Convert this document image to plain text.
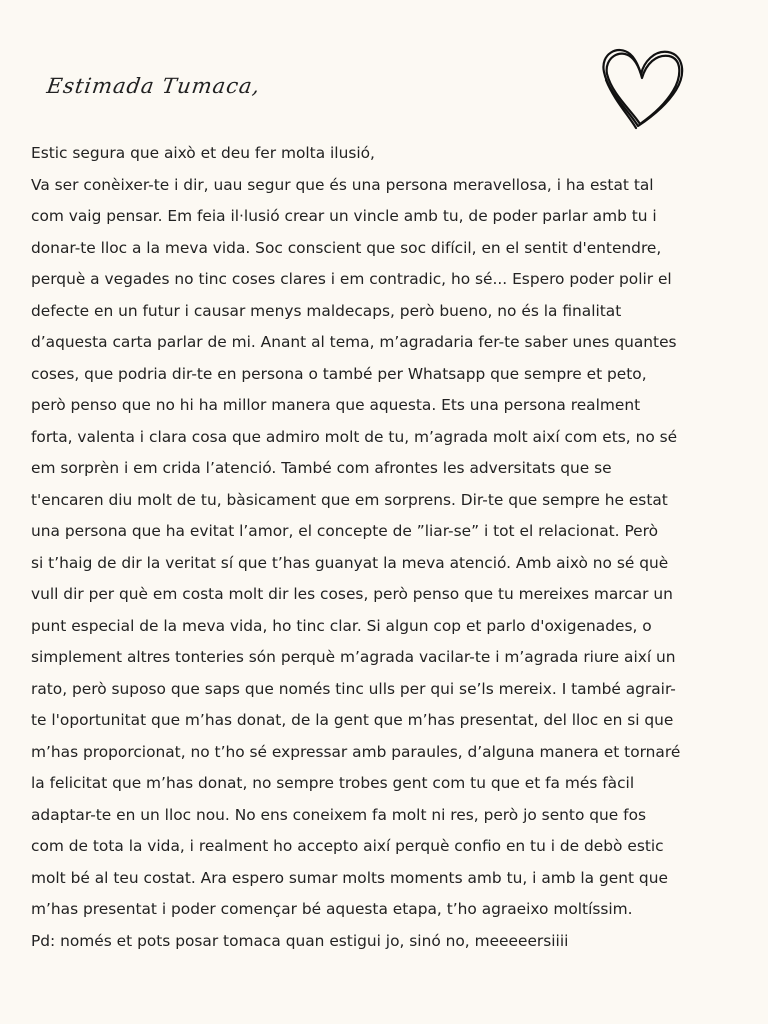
Estimada Tumaca,
Estic segura que això et deu fer molta ilusió,
Va ser conèixer-te i dir, uau segur que és una persona meravellosa, i ha estat tal
com vaig pensar. Em feia il·lusió crear un vincle amb tu, de poder parlar amb tu i
donar-te lloc a la meva vida. Soc conscient que soc difícil, en el sentit d'entendre,
perquè a vegades no tinc coses clares i em contradic, ho sé... Espero poder polir el
defecte en un futur i causar menys maldecaps, però bueno, no és la finalitat
d’aquesta carta parlar de mi. Anant al tema, m’agradaria fer-te saber unes quantes
coses, que podria dir-te en persona o també per Whatsapp que sempre et peto,
però penso que no hi ha millor manera que aquesta. Ets una persona realment
forta, valenta i clara cosa que admiro molt de tu, m’agrada molt així com ets, no sé
em sorprèn i em crida l’atenció. També com afrontes les adversitats que se
t'encaren diu molt de tu, bàsicament que em sorprens. Dir-te que sempre he estat
una persona que ha evitat l’amor, el concepte de ”liar-se” i tot el relacionat. Però
si t’haig de dir la veritat sí que t’has guanyat la meva atenció. Amb això no sé què
vull dir per què em costa molt dir les coses, però penso que tu mereixes marcar un
punt especial de la meva vida, ho tinc clar. Si algun cop et parlo d'oxigenades, o
simplement altres tonteries són perquè m’agrada vacilar-te i m’agrada riure així un
rato, però suposo que saps que només tinc ulls per qui se’ls mereix. I també agrair-
te l'oportunitat que m’has donat, de la gent que m’has presentat, del lloc en si que
m’has proporcionat, no t’ho sé expressar amb paraules, d’alguna manera et tornaré
la felicitat que m’has donat, no sempre trobes gent com tu que et fa més fàcil
adaptar-te en un lloc nou. No ens coneixem fa molt ni res, però jo sento que fos
com de tota la vida, i realment ho accepto així perquè confio en tu i de debò estic
molt bé al teu costat. Ara espero sumar molts moments amb tu, i amb la gent que
m’has presentat i poder començar bé aquesta etapa, t’ho agraeixo moltíssim.
Pd: només et pots posar tomaca quan estigui jo, sinó no, meeeeersiiii
